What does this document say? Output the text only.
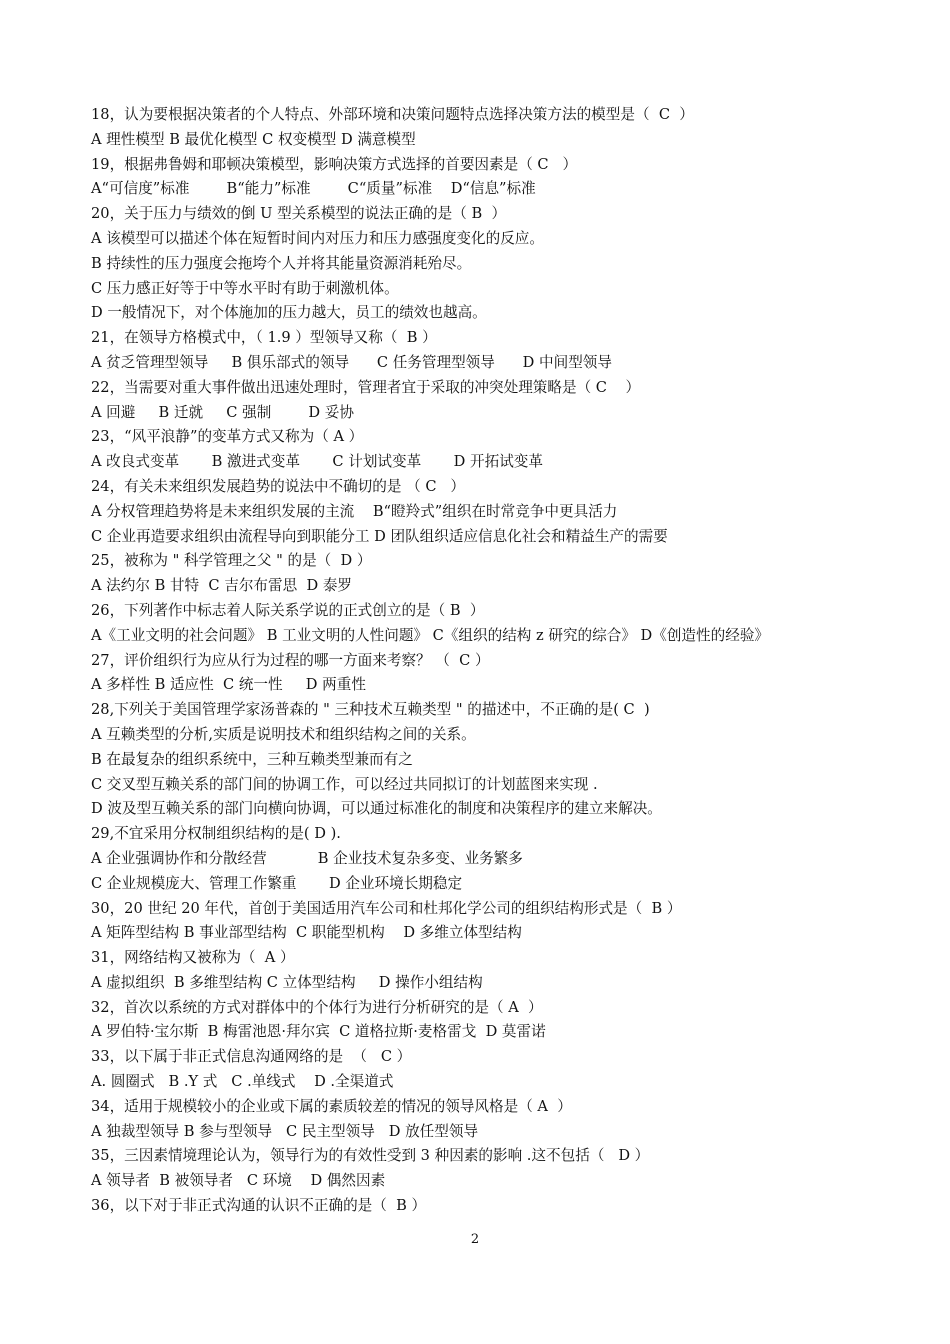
18，认为要根据决策者的个人特点、外部环境和决策问题特点选择决策方法的模型是（  C  ）
A 理性模型 B 最优化模型 C 权变模型 D 满意模型
19，根据弗鲁姆和耶顿决策模型，影响决策方式选择的首要因素是（ C   ）
A“可信度”标准        B“能力”标准        C“质量”标准    D“信息”标准
20，关于压力与绩效的倒 U 型关系模型的说法正确的是（ B  ）
A 该模型可以描述个体在短暂时间内对压力和压力感强度变化的反应。
B 持续性的压力强度会拖垮个人并将其能量资源消耗殆尽。
C 压力感正好等于中等水平时有助于刺激机体。
D 一般情况下，对个体施加的压力越大，员工的绩效也越高。
21，在领导方格模式中，（ 1.9 ）型领导又称（  B ）
A 贫乏管理型领导     B 俱乐部式的领导      C 任务管理型领导      D 中间型领导
22，当需要对重大事件做出迅速处理时，管理者宜于采取的冲突处理策略是（ C    ）
A 回避     B 迁就     C 强制        D 妥协
23，“风平浪静”的变革方式又称为（ A ）
A 改良式变革       B 激进式变革       C 计划试变革       D 开拓试变革
24，有关未来组织发展趋势的说法中不确切的是 （ C   ）
A 分权管理趋势将是未来组织发展的主流    B“瞪羚式”组织在时常竞争中更具活力
C 企业再造要求组织由流程导向到职能分工 D 团队组织适应信息化社会和精益生产的需要
25，被称为 " 科学管理之父 " 的是（  D ）
A 法约尔 B 甘特  C 吉尔布雷思  D 泰罗
26，下列著作中标志着人际关系学说的正式创立的是（ B  ）
A《工业文明的社会问题》 B 工业文明的人性问题》 C《组织的结构 z 研究的综合》 D《创造性的经验》
27，评价组织行为应从行为过程的哪一方面来考察？ （  C ）
A 多样性 B 适应性  C 统一性     D 两重性
28,下列关于美国管理学家汤普森的 " 三种技术互赖类型 " 的描述中，不正确的是( C  )
A 互赖类型的分析,实质是说明技术和组织结构之间的关系。
B 在最复杂的组织系统中，三种互赖类型兼而有之
C 交叉型互赖关系的部门间的协调工作，可以经过共同拟订的计划蓝图来实现 .
D 波及型互赖关系的部门向横向协调，可以通过标准化的制度和决策程序的建立来解决。
29,不宜采用分权制组织结构的是( D ).
A 企业强调协作和分散经营           B 企业技术复杂多变、业务繁多
C 企业规模庞大、管理工作繁重       D 企业环境长期稳定
30，20 世纪 20 年代，首创于美国适用汽车公司和杜邦化学公司的组织结构形式是（  B ）
A 矩阵型结构 B 事业部型结构  C 职能型机构    D 多维立体型结构
31，网络结构又被称为（  A ）
A 虚拟组织  B 多维型结构 C 立体型结构     D 操作小组结构
32，首次以系统的方式对群体中的个体行为进行分析研究的是（ A  ）
A 罗伯特·宝尔斯  B 梅雷池恩·拜尔宾  C 道格拉斯·麦格雷戈  D 莫雷诺
33，以下属于非正式信息沟通网络的是  （   C ）
A. 圆圈式   B .Y 式   C .单线式    D .全渠道式
34，适用于规模较小的企业或下属的素质较差的情况的领导风格是（ A  ）
A 独裁型领导 B 参与型领导   C 民主型领导   D 放任型领导
35，三因素情境理论认为，领导行为的有效性受到 3 种因素的影响 .这不包括（   D ）
A 领导者  B 被领导者   C 环境    D 偶然因素
36，以下对于非正式沟通的认识不正确的是（  B ）
2
